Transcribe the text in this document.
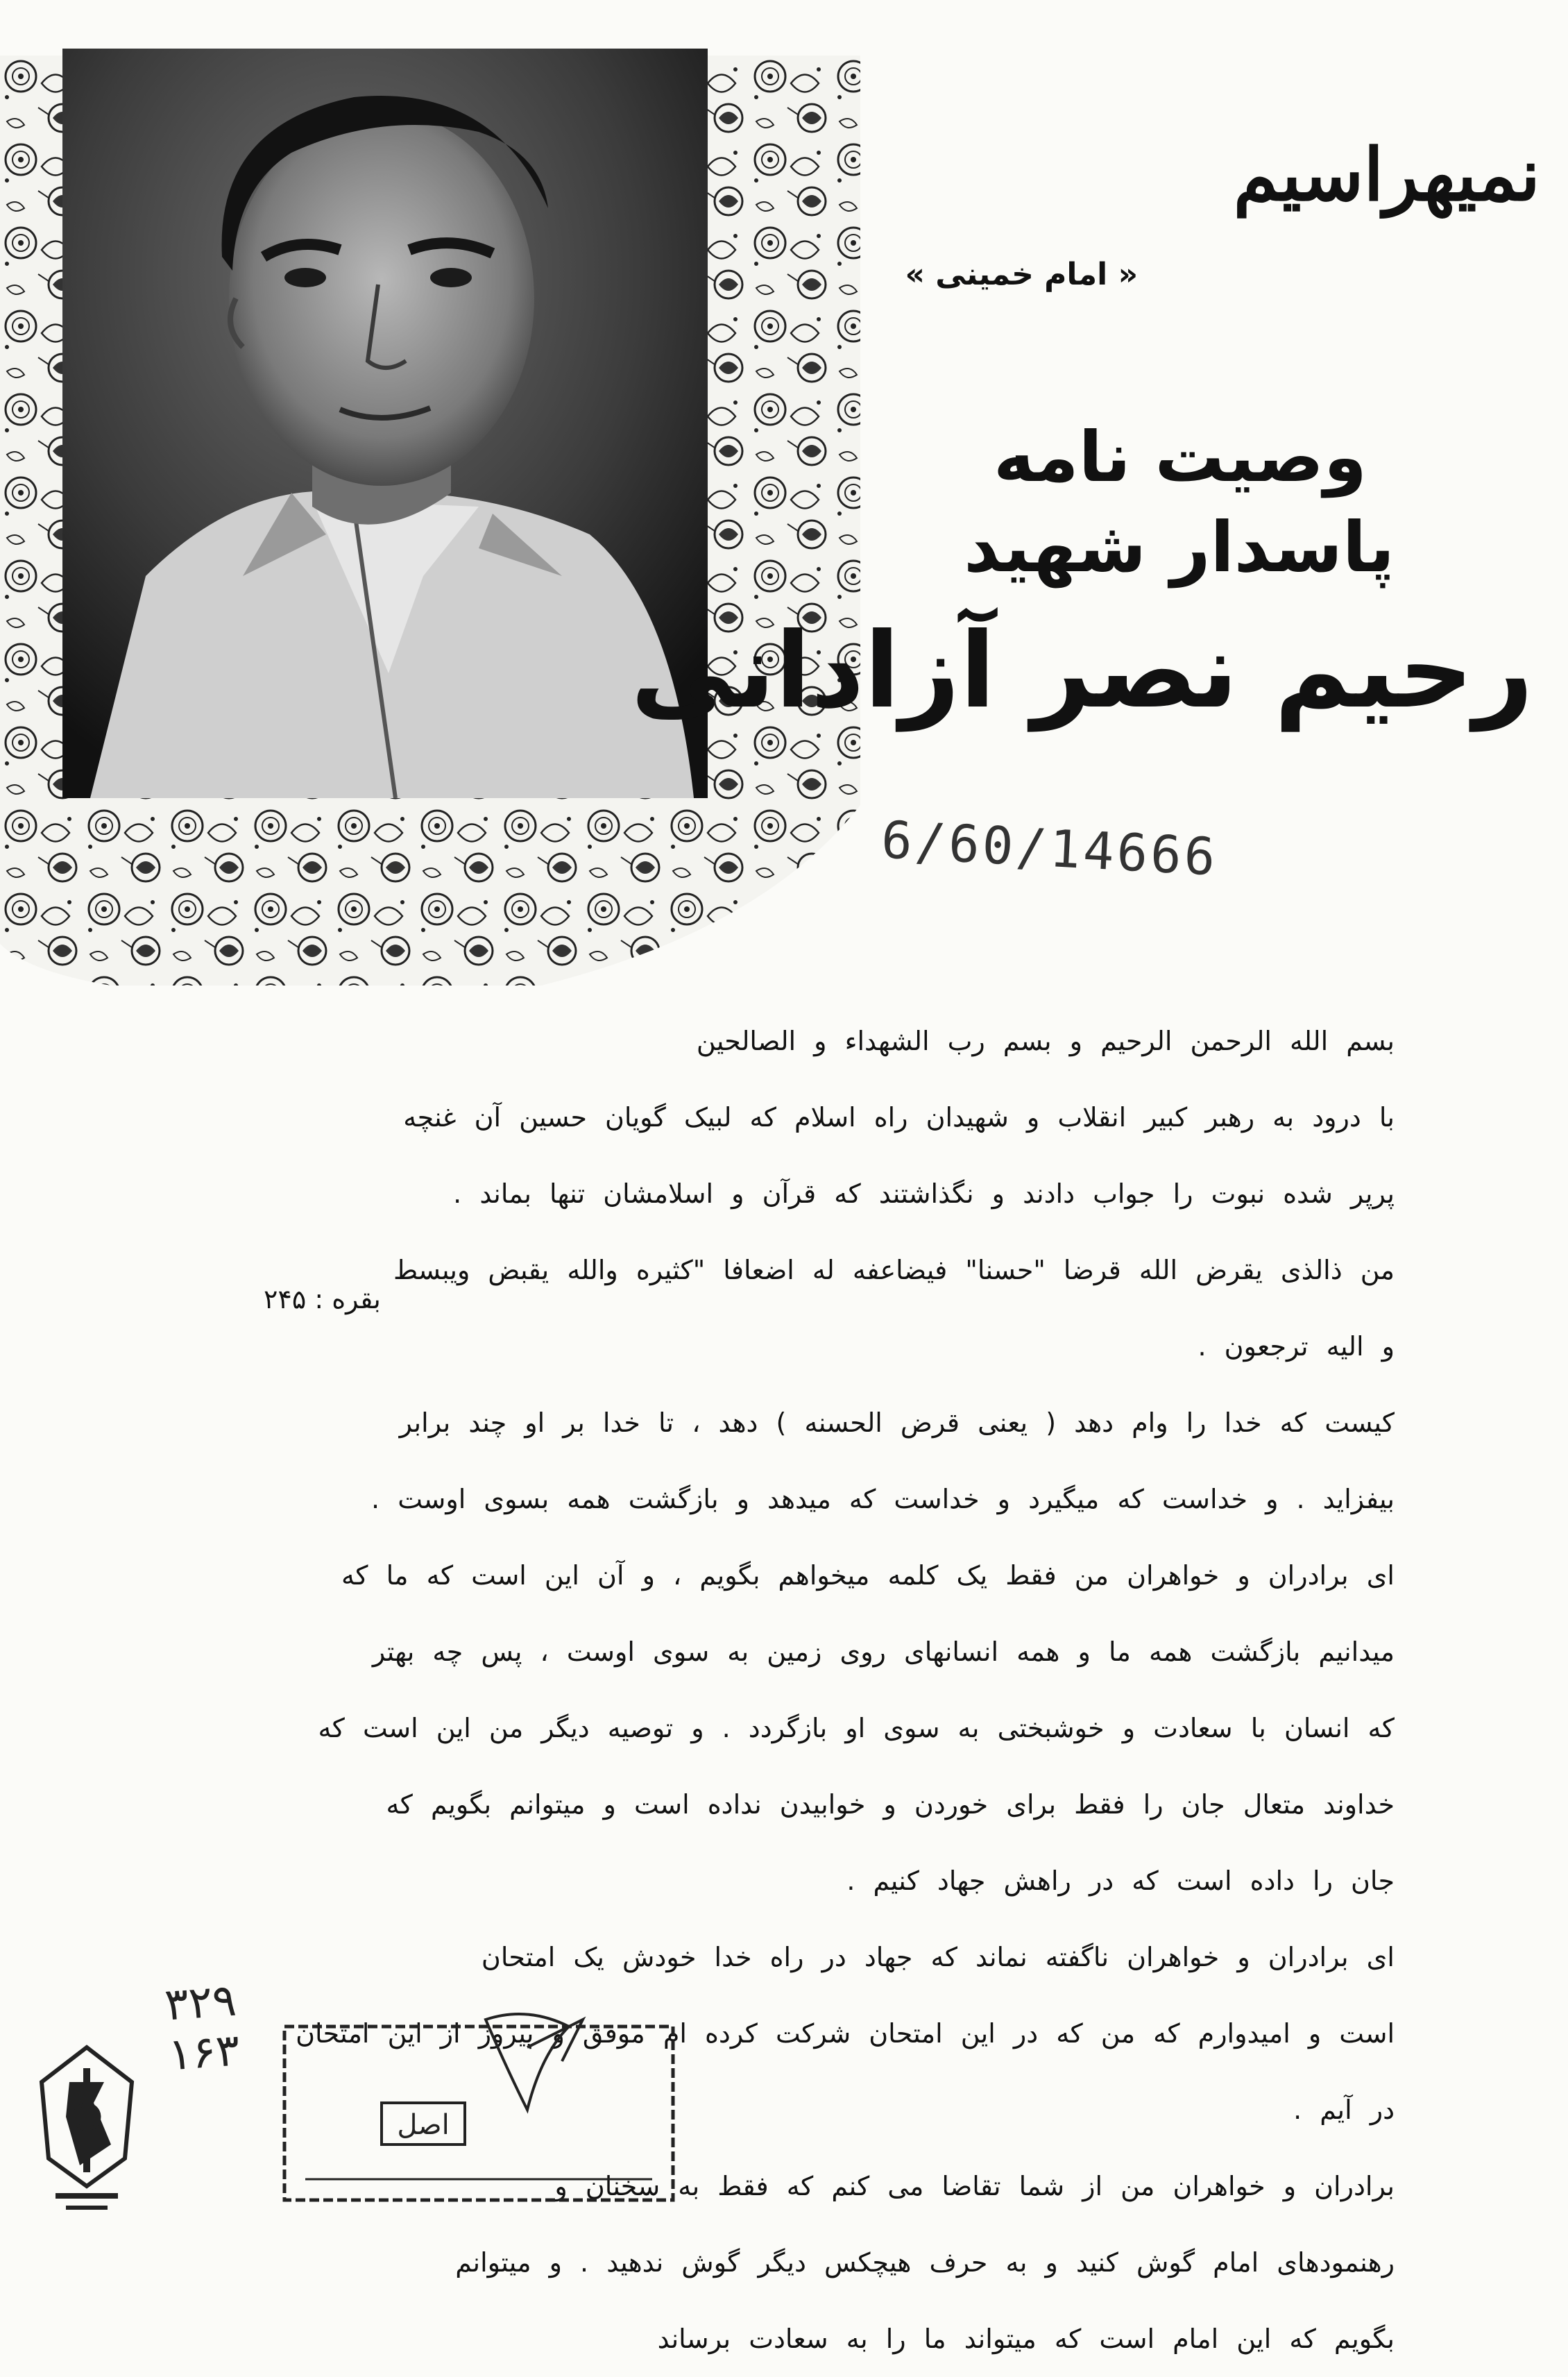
نمیهراسیم
« امام خمینی »
وصیت نامه
پاسدار شهید
رحیم نصر آزادانی
6/60/14666
بسم الله الرحمن الرحیم و بسم رب الشهداء و الصالحین
با درود به رهبر کبیر انقلاب و شهیدان راه اسلام که لبیک گویان حسین آن غنچه
پرپر شده نبوت را جواب دادند و نگذاشتند که قرآن و اسلامشان تنها بماند .
من ذالذی یقرض الله قرضا "حسنا" فیضاعفه له اضعافا "کثیره والله یقبض ویبسط
و الیه ترجعون .
کیست که خدا را وام دهد ( یعنی قرض الحسنه ) دهد ، تا خدا بر او چند برابر
بیفزاید . و خداست که میگیرد و خداست که میدهد و بازگشت همه بسوی اوست .
ای برادران و خواهران من فقط یک کلمه میخواهم بگویم ، و آن این است که ما که
میدانیم بازگشت همه ما و همه انسانهای روی زمین به سوی اوست ، پس چه بهتر
که انسان با سعادت و خوشبختی به سوی او بازگردد . و توصیه دیگر من این است که
خداوند متعال جان را فقط برای خوردن و خوابیدن نداده است و میتوانم بگویم که
جان را داده است که در راهش جهاد کنیم .
ای برادران و خواهران ناگفته نماند که جهاد در راه خدا خودش یک امتحان
است و امیدوارم که من که در این امتحان شرکت کرده ام موفق و پیروز از این امتحان
در آیم .
برادران و خواهران من از شما تقاضا می کنم که فقط به سخنان و
رهنمودهای امام گوش کنید و به حرف هیچکس دیگر گوش ندهید . و میتوانم
بگویم که این امام است که میتواند ما را به سعادت برساند
بقره : ۲۴۵
۳۲۹
۱۶۳
اصل
